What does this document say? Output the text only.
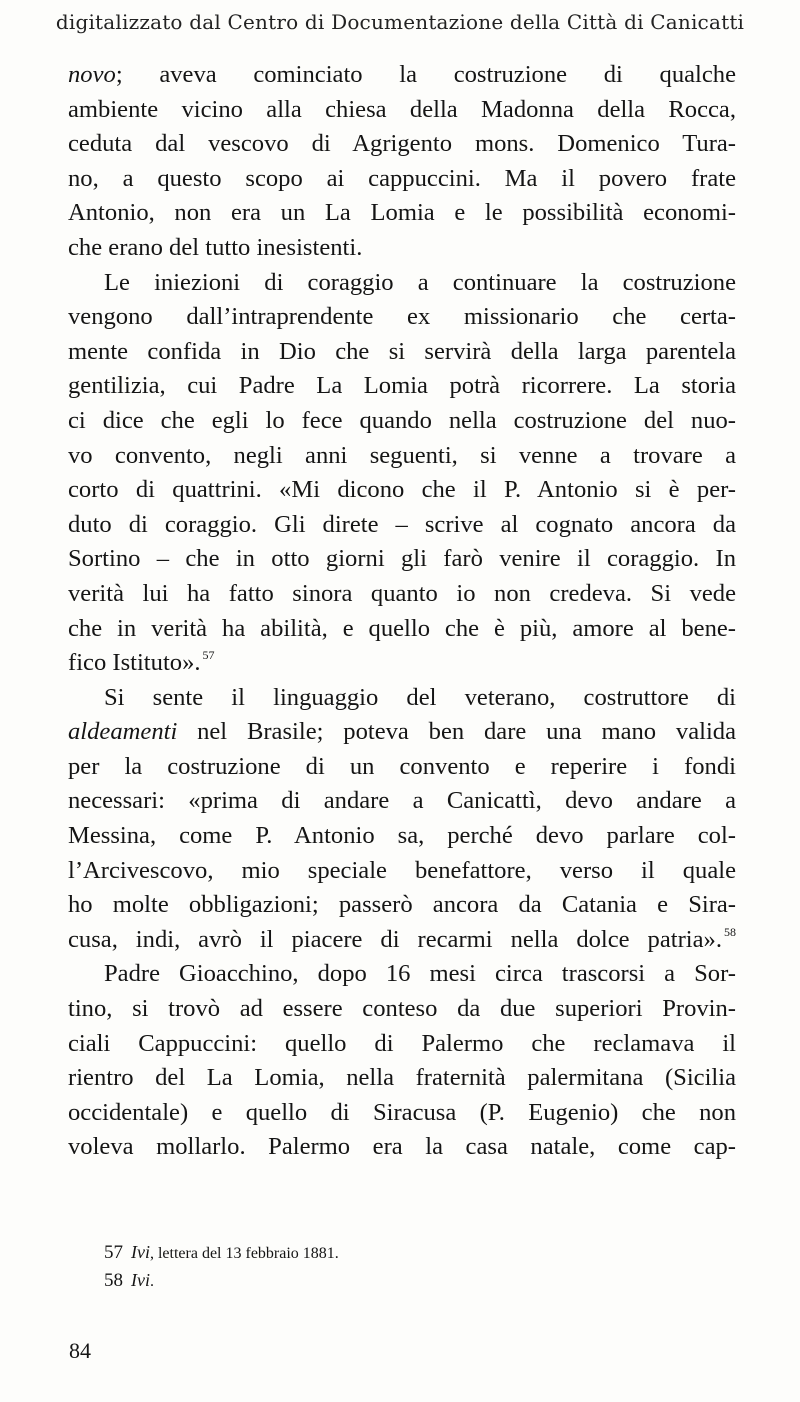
digitalizzato dal Centro di Documentazione della Città di Canicatti
novo; aveva cominciato la costruzione di qualche
ambiente vicino alla chiesa della Madonna della Rocca,
ceduta dal vescovo di Agrigento mons. Domenico Tura-
no, a questo scopo ai cappuccini. Ma il povero frate
Antonio, non era un La Lomia e le possibilità economi-
che erano del tutto inesistenti.
Le iniezioni di coraggio a continuare la costruzione
vengono dall’intraprendente ex missionario che certa-
mente confida in Dio che si servirà della larga parentela
gentilizia, cui Padre La Lomia potrà ricorrere. La storia
ci dice che egli lo fece quando nella costruzione del nuo-
vo convento, negli anni seguenti, si venne a trovare a
corto di quattrini. «Mi dicono che il P. Antonio si è per-
duto di coraggio. Gli direte – scrive al cognato ancora da
Sortino – che in otto giorni gli farò venire il coraggio. In
verità lui ha fatto sinora quanto io non credeva. Si vede
che in verità ha abilità, e quello che è più, amore al bene-
fico Istituto». $^{57}$
Si sente il linguaggio del veterano, costruttore di
aldeamenti nel Brasile; poteva ben dare una mano valida
per la costruzione di un convento e reperire i fondi
necessari: «prima di andare a Canicattì, devo andare a
Messina, come P. Antonio sa, perché devo parlare col-
l’Arcivescovo, mio speciale benefattore, verso il quale
ho molte obbligazioni; passerò ancora da Catania e Sira-
cusa, indi, avrò il piacere di recarmi nella dolce patria». $^{58}$
Padre Gioacchino, dopo 16 mesi circa trascorsi a Sor-
tino, si trovò ad essere conteso da due superiori Provin-
ciali Cappuccini: quello di Palermo che reclamava il
rientro del La Lomia, nella fraternità palermitana (Sicilia
occidentale) e quello di Siracusa (P. Eugenio) che non
voleva mollarlo. Palermo era la casa natale, come cap-
57 Ivi, lettera del 13 febbraio 1881.
58 Ivi.
84
